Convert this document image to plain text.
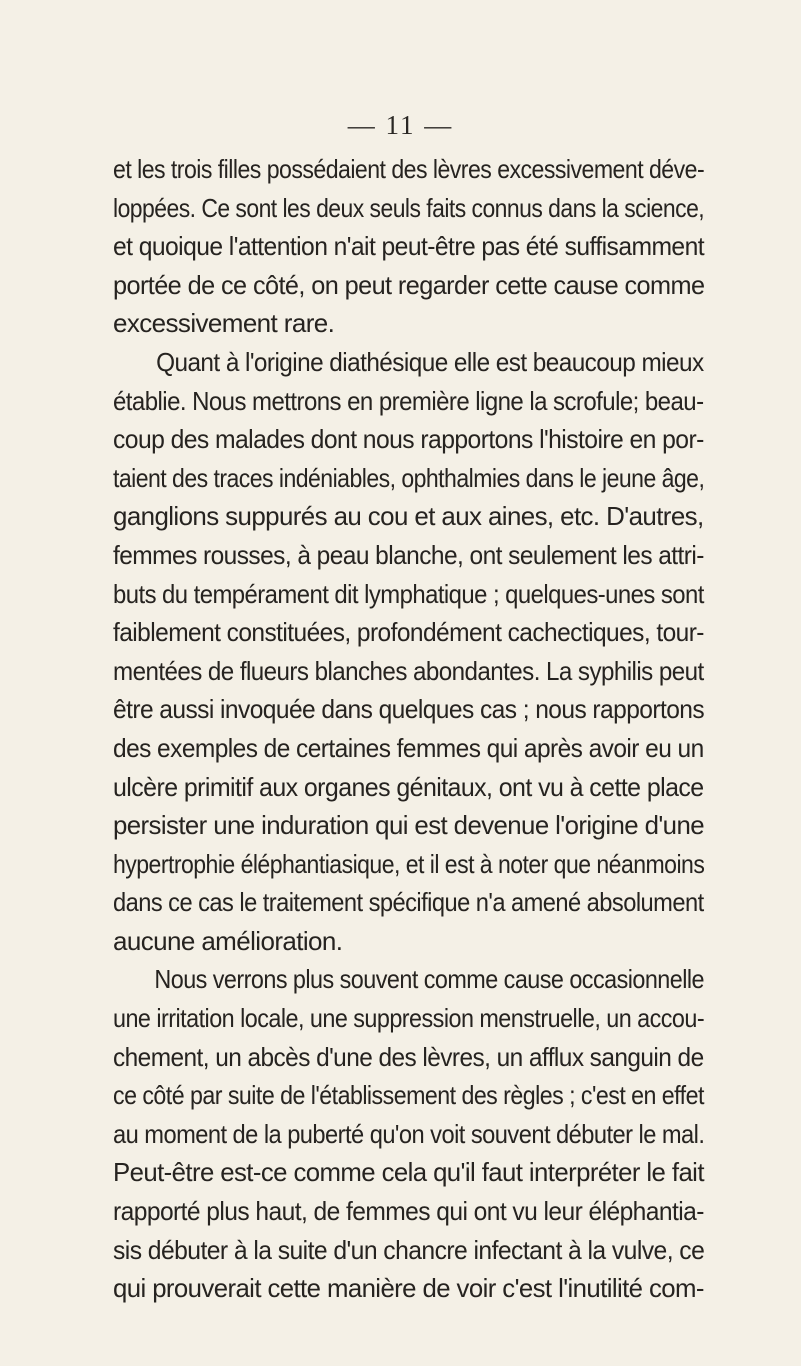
— 11 —
et les trois filles possédaient des lèvres excessivement déve-
loppées. Ce sont les deux seuls faits connus dans la science,
et quoique l'attention n'ait peut-être pas été suffisamment
portée de ce côté, on peut regarder cette cause comme
excessivement rare.
Quant à l'origine diathésique elle est beaucoup mieux
établie. Nous mettrons en première ligne la scrofule; beau-
coup des malades dont nous rapportons l'histoire en por-
taient des traces indéniables, ophthalmies dans le jeune âge,
ganglions suppurés au cou et aux aines, etc. D'autres,
femmes rousses, à peau blanche, ont seulement les attri-
buts du tempérament dit lymphatique ; quelques-unes sont
faiblement constituées, profondément cachectiques, tour-
mentées de flueurs blanches abondantes. La syphilis peut
être aussi invoquée dans quelques cas ; nous rapportons
des exemples de certaines femmes qui après avoir eu un
ulcère primitif aux organes génitaux, ont vu à cette place
persister une induration qui est devenue l'origine d'une
hypertrophie éléphantiasique, et il est à noter que néanmoins
dans ce cas le traitement spécifique n'a amené absolument
aucune amélioration.
Nous verrons plus souvent comme cause occasionnelle
une irritation locale, une suppression menstruelle, un accou-
chement, un abcès d'une des lèvres, un afflux sanguin de
ce côté par suite de l'établissement des règles ; c'est en effet
au moment de la puberté qu'on voit souvent débuter le mal.
Peut-être est-ce comme cela qu'il faut interpréter le fait
rapporté plus haut, de femmes qui ont vu leur éléphantia-
sis débuter à la suite d'un chancre infectant à la vulve, ce
qui prouverait cette manière de voir c'est l'inutilité com-
